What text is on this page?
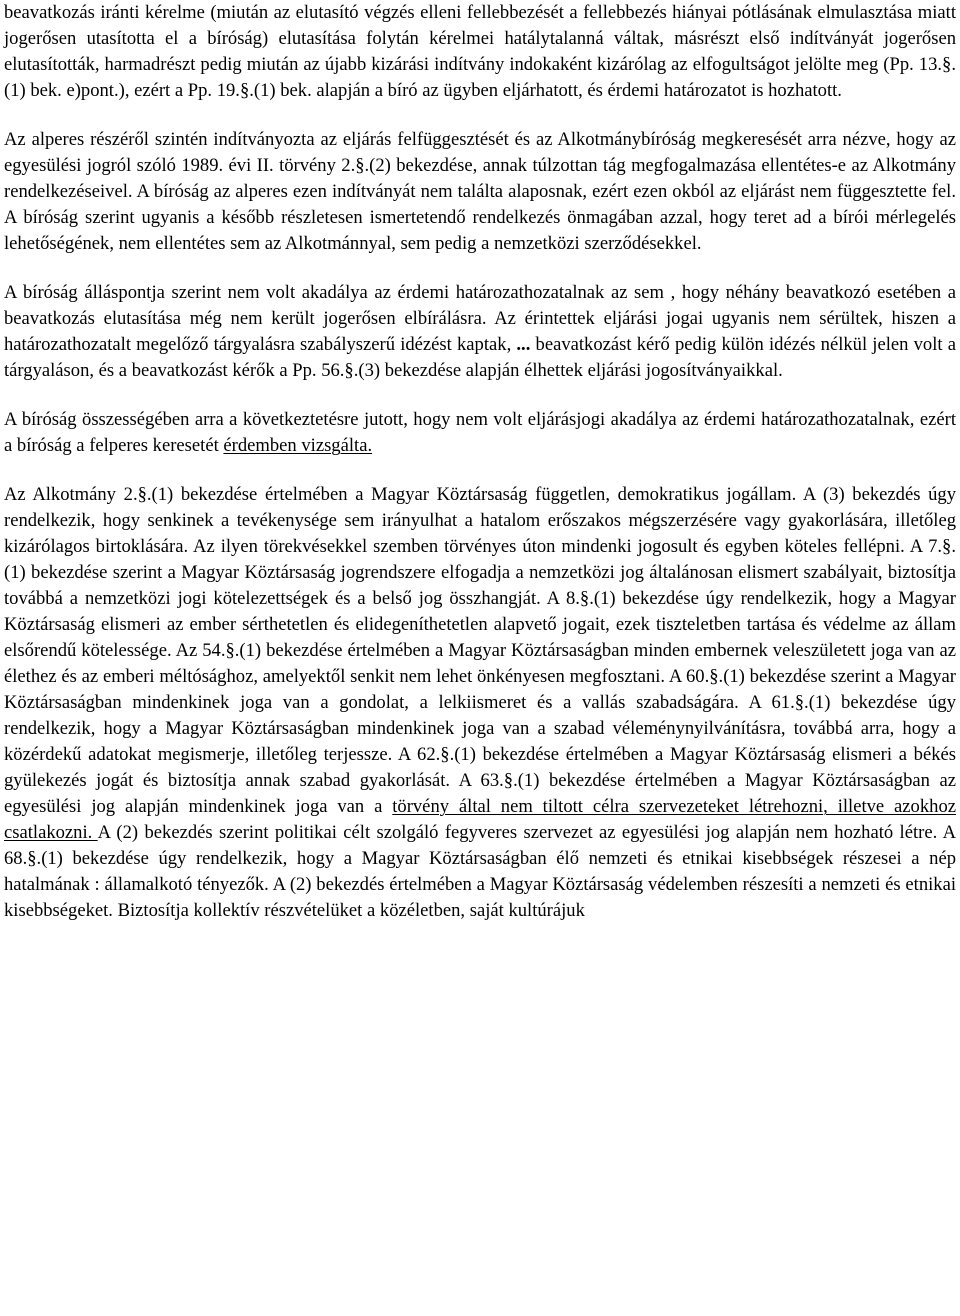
beavatkozás iránti kérelme (miután az elutasító végzés elleni fellebbezését a fellebbezés hiányai pótlásának elmulasztása miatt jogerősen utasította el a bíróság) elutasítása folytán kérelmei hatálytalanná váltak, másrészt első indítványát jogerősen elutasították, harmadrészt pedig miután az újabb kizárási indítvány indokaként kizárólag az elfogultságot jelölte meg (Pp. 13.§.(1) bek. e)pont.), ezért a Pp. 19.§.(1) bek. alapján a bíró az ügyben eljárhatott, és érdemi határozatot is hozhatott.

Az alperes részéről szintén indítványozta az eljárás felfüggesztését és az Alkotmánybíróság megkeresését arra nézve, hogy az egyesülési jogról szóló 1989. évi II. törvény 2.§.(2) bekezdése, annak túlzottan tág megfogalmazása ellentétes-e az Alkotmány rendelkezéseivel. A bíróság az alperes ezen indítványát nem találta alaposnak, ezért ezen okból az eljárást nem függesztette fel. A bíróság szerint ugyanis a később részletesen ismertetendő rendelkezés önmagában azzal, hogy teret ad a bírói mérlegelés lehetőségének, nem ellentétes sem az Alkotmánnyal, sem pedig a nemzetközi szerződésekkel.

A bíróság álláspontja szerint nem volt akadálya az érdemi határozathozatalnak az sem , hogy néhány beavatkozó esetében a beavatkozás elutasítása még nem került jogerősen elbírálásra. Az érintettek eljárási jogai ugyanis nem sérültek, hiszen a határozathozatalt megelőző tárgyalásra szabályszerű idézést kaptak, ... beavatkozást kérő pedig külön idézés nélkül jelen volt a tárgyaláson, és a beavatkozást kérők a Pp. 56.§.(3) bekezdése alapján élhettek eljárási jogosítványaikkal.

A bíróság összességében arra a következtetésre jutott, hogy nem volt eljárásjogi akadálya az érdemi határozathozatalnak, ezért a bíróság a felperes keresetét érdemben vizsgálta.

Az Alkotmány 2.§.(1) bekezdése értelmében a Magyar Köztársaság független, demokratikus jogállam. A (3) bekezdés úgy rendelkezik, hogy senkinek a tevékenysége sem irányulhat a hatalom erőszakos mégszerzésére vagy gyakorlására, illetőleg kizárólagos birtoklására. Az ilyen törekvésekkel szemben törvényes úton mindenki jogosult és egyben köteles fellépni. A 7.§.(1) bekezdése szerint a Magyar Köztársaság jogrendszere elfogadja a nemzetközi jog általánosan elismert szabályait, biztosítja továbbá a nemzetközi jogi kötelezettségek és a belső jog összhangját. A 8.§.(1) bekezdése úgy rendelkezik, hogy a Magyar Köztársaság elismeri az ember sérthetetlen és elidegeníthetetlen alapvető jogait, ezek tiszteletben tartása és védelme az állam elsőrendű kötelessége. Az 54.§.(1) bekezdése értelmében a Magyar Köztársaságban minden embernek veleszületett joga van az élethez és az emberi méltósághoz, amelyektől senkit nem lehet önkényesen megfosztani. A 60.§.(1) bekezdése szerint a Magyar Köztársaságban mindenkinek joga van a gondolat, a lelkiismeret és a vallás szabadságára. A 61.§.(1) bekezdése úgy rendelkezik, hogy a Magyar Köztársaságban mindenkinek joga van a szabad véleménynyilvánításra, továbbá arra, hogy a közérdekű adatokat megismerje, illetőleg terjessze. A 62.§.(1) bekezdése értelmében a Magyar Köztársaság elismeri a békés gyülekezés jogát és biztosítja annak szabad gyakorlását. A 63.§.(1) bekezdése értelmében a Magyar Köztársaságban az egyesülési jog alapján mindenkinek joga van a törvény által nem tiltott célra szervezeteket létrehozni, illetve azokhoz csatlakozni. A (2) bekezdés szerint politikai célt szolgáló fegyveres szervezet az egyesülési jog alapján nem hozható létre. A 68.§.(1) bekezdése úgy rendelkezik, hogy a Magyar Köztársaságban élő nemzeti és etnikai kisebbségek részesei a nép hatalmának : államalkotó tényezők. A (2) bekezdés értelmében a Magyar Köztársaság védelemben részesíti a nemzeti és etnikai kisebbségeket. Biztosítja kollektív részvételüket a közéletben, saját kultúrájuk
